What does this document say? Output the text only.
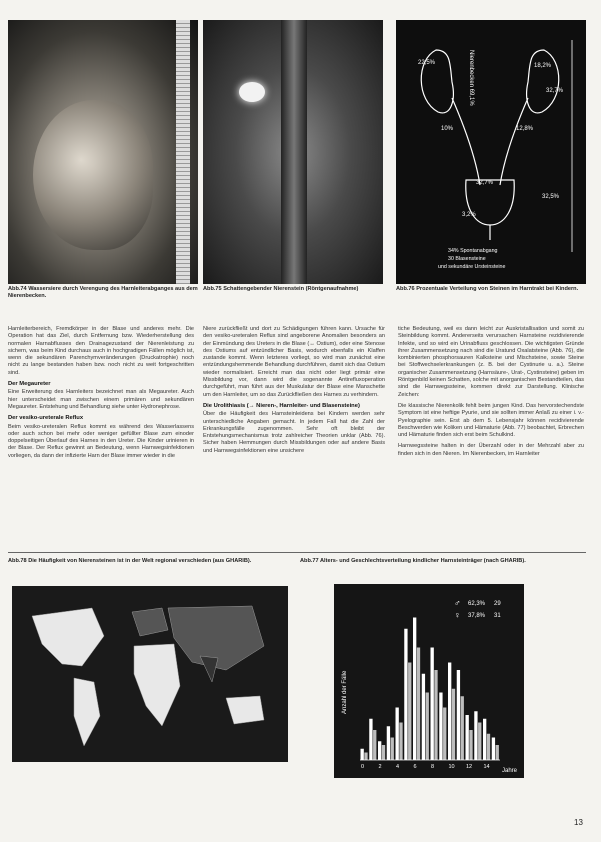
Abb.74 Wassersiere durch Verengung des Harnleiterabganges aus dem Nierenbecken.
Abb.75 Schattengebender Nierenstein (Röntgenaufnahme)
Nierenbecken 69,1%
22,5%	18,2%
32,7%
10%	12,8%
32,7%
32,5%
3,2%
34% Spontanabgang
30 Blasensteine
und sekundäre Ursteinsteine
Abb.76 Prozentuale Verteilung von Steinen im Harntrakt bei Kindern.

Harnleiterbereich, Fremdkörper in der Blase und anderes mehr. Die Operation hat das Ziel, durch Entfernung bzw. Wiederherstellung des normalen Harnabflusses den Drainagezustand der Nierenleistung zu sichern, was beim Kind durchaus auch in hochgradigen Fällen möglich ist, wenn die sekundären Parenchymveränderungen (Druckatrophie) noch nicht zu lange bestanden haben bzw. noch nicht zu weit fortgeschritten sind.

Der Megaureter

Eine Erweiterung des Harnleiters bezeichnet man als Megaureter. Auch hier unterscheidet man zwischen einem primären und sekundären Megaureter. Entstehung und Behandlung siehe unter Hydronephrose.

Der vesiko-ureterale Reflux

Beim vesiko-ureteralen Reflux kommt es während des Wasserlassens oder auch schon bei mehr oder weniger gefüllter Blase zum einoder doppelseitigen Überlauf des Harnes in den Ureter. Die Kinder urinieren in der Blase. Der Reflux gewinnt an Bedeutung, wenn Harnwegsinfektionen vorliegen, da dann der infizierte Harn der Blase immer wieder in die

Niere zurückfließt und dort zu Schädigungen führen kann. Ursache für den vesiko-ureteralen Reflux sind angeborene Anomalien besonders an der Einmündung des Ureters in die Blase (↔ Ostium), oder eine Stenose des Ostiums auf entzündlicher Basis, wodurch ebenfalls ein Klaffen zustande kommt. Wenn letzteres vorliegt, so wird man zunächst eine entzündungshemmende Behandlung durchführen, damit sich das Ostium wieder normalisiert. Erreicht man das nicht oder liegt primär eine Missbildung vor, dann wird die sogenannte Antirefluxoperation durchgeführt, man führt aus der Muskulatur der Blase eine Manschette um den Harnleiter, um so das Zurückfließen des Harnes zu verhindern.

Die Urolithiasis (→ Nieren-, Harnleiter- und Blasensteine)

Über die Häufigkeit des Harnsteinleidens bei Kindern werden sehr unterschiedliche Angaben gemacht. In jedem Fall hat die Zahl der Erkrankungsfälle zugenommen. Sehr oft bleibt der Entstehungsmechanismus trotz zahlreicher Theorien unklar (Abb. 76). Sicher haben Hemmungen durch Missbildungen oder auf andere Basis und Harnwegsinfektionen eine unsichere

tiche Bedeutung, weil es dann leicht zur Auskristallisation und somit zu Steinbildung kommt. Andererseits verursachen Harnsteine rezidivierende Infekte, und so wird ein Urinabfluss geschlossen. Die wichtigsten Gründe ihrer Zusammensetzung nach sind die Uratund Oxalatsteine (Abb. 76), die kombinierten phosphorsauren Kalksteine und Mischsteine, sowie Steine bei Stoffwechselerkrankungen (z. B. bei der Cystinurie u. a.). Steine organischer Zusammensetzung (Harnsäure-, Urat-, Cystinsteine) geben im Röntgenbild keinen Schatten, solche mit anorganischen Bestandteilen, das sind die Harnwegssteine, kommen direkt zur Darstellung. Klinische Zeichen:

Die klassische Nierenkolik fehlt beim jungen Kind. Das hervorstechendste Symptom ist eine heftige Pyurie, und sie sollten immer Anlaß zu einer i. v.-Pyelographie sein. Erst ab dem 5. Lebensjahr können recidivierende Beschwerden wie Koliken und Hämaturie (Abb. 77) beobachtet, Erbrechen und Hämaturie finden sich erst beim Schulkind.

Harnwegssteine halten in der Überzahl oder in der Mehrzahl aber zu finden sich in den Nieren. Im Nierenbecken, im Harnleiter

Abb.78 Die Häufigkeit von Nierensteinen ist in der Welt regional verschieden (aus GHARIB).	Abb.77 Alters- und Geschlechtsverteilung kindlicher Harnsteinträger (nach GHARIB).
Anzahl der Fälle
Jahre
♂ 62,3% 29
♀ 37,8% 31
0	2	4	6	8	10 12 14
13
